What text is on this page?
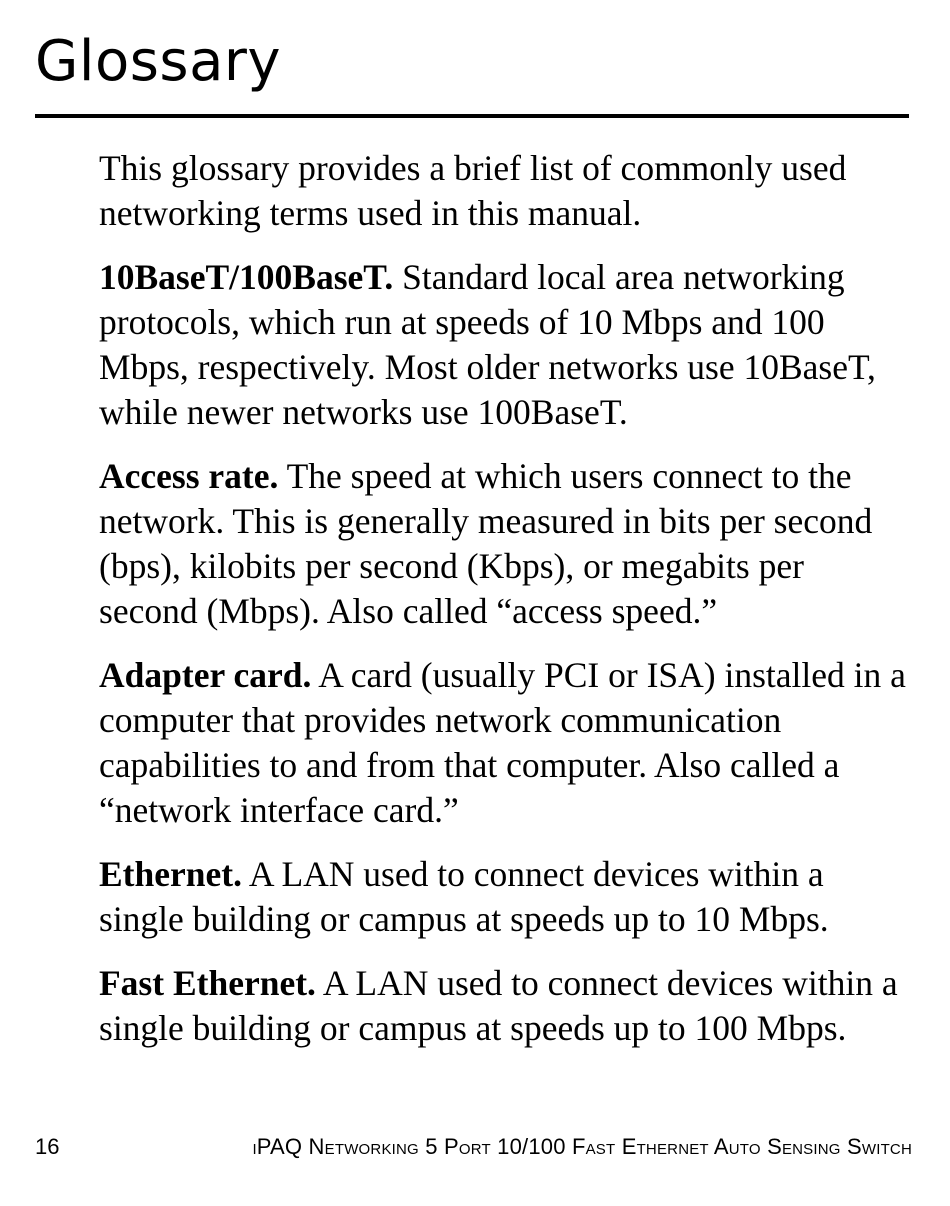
Glossary

This glossary provides a brief list of commonly used networking terms used in this manual.

10BaseT/100BaseT. Standard local area networking protocols, which run at speeds of 10 Mbps and 100 Mbps, respectively. Most older networks use 10BaseT, while newer networks use 100BaseT.

Access rate. The speed at which users connect to the network. This is generally measured in bits per second (bps), kilobits per second (Kbps), or megabits per second (Mbps). Also called “access speed.”

Adapter card. A card (usually PCI or ISA) installed in a computer that provides network communication capabilities to and from that computer. Also called a “network interface card.”

Ethernet. A LAN used to connect devices within a single building or campus at speeds up to 10 Mbps.

Fast Ethernet. A LAN used to connect devices within a single building or campus at speeds up to 100 Mbps.

16	iPAQ Networking 5 Port 10/100 Fast Ethernet Auto Sensing Switch
